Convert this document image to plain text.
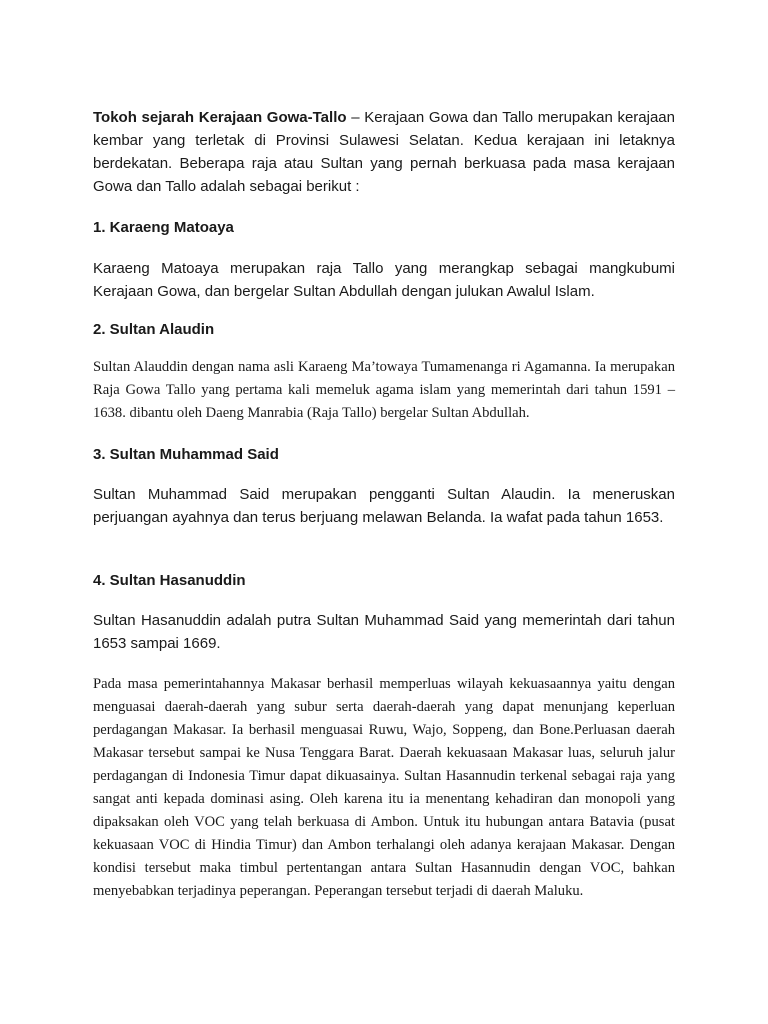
Tokoh sejarah Kerajaan Gowa-Tallo – Kerajaan Gowa dan Tallo merupakan kerajaan kembar yang terletak di Provinsi Sulawesi Selatan. Kedua kerajaan ini letaknya berdekatan. Beberapa raja atau Sultan yang pernah berkuasa pada masa kerajaan Gowa dan Tallo adalah sebagai berikut :

1. Karaeng Matoaya

Karaeng Matoaya merupakan raja Tallo yang merangkap sebagai mangkubumi Kerajaan Gowa, dan bergelar Sultan Abdullah dengan julukan Awalul Islam.

2. Sultan Alaudin

Sultan Alauddin dengan nama asli Karaeng Ma’towaya Tumamenanga ri Agamanna. Ia merupakan Raja Gowa Tallo yang pertama kali memeluk agama islam yang memerintah dari tahun 1591 – 1638. dibantu oleh Daeng Manrabia (Raja Tallo) bergelar Sultan Abdullah.

3. Sultan Muhammad Said

Sultan Muhammad Said merupakan pengganti Sultan Alaudin. Ia meneruskan perjuangan ayahnya dan terus berjuang melawan Belanda. Ia wafat pada tahun 1653.

4. Sultan Hasanuddin

Sultan Hasanuddin adalah putra Sultan Muhammad Said yang memerintah dari tahun 1653 sampai 1669.

Pada masa pemerintahannya Makasar berhasil memperluas wilayah kekuasaannya yaitu dengan menguasai daerah-daerah yang subur serta daerah-daerah yang dapat menunjang keperluan perdagangan Makasar. Ia berhasil menguasai Ruwu, Wajo, Soppeng, dan Bone.Perluasan daerah Makasar tersebut sampai ke Nusa Tenggara Barat. Daerah kekuasaan Makasar luas, seluruh jalur perdagangan di Indonesia Timur dapat dikuasainya. Sultan Hasannudin terkenal sebagai raja yang sangat anti kepada dominasi asing. Oleh karena itu ia menentang kehadiran dan monopoli yang dipaksakan oleh VOC yang telah berkuasa di Ambon. Untuk itu hubungan antara Batavia (pusat kekuasaan VOC di Hindia Timur) dan Ambon terhalangi oleh adanya kerajaan Makasar. Dengan kondisi tersebut maka timbul pertentangan antara Sultan Hasannudin dengan VOC, bahkan menyebabkan terjadinya peperangan. Peperangan tersebut terjadi di daerah Maluku.
